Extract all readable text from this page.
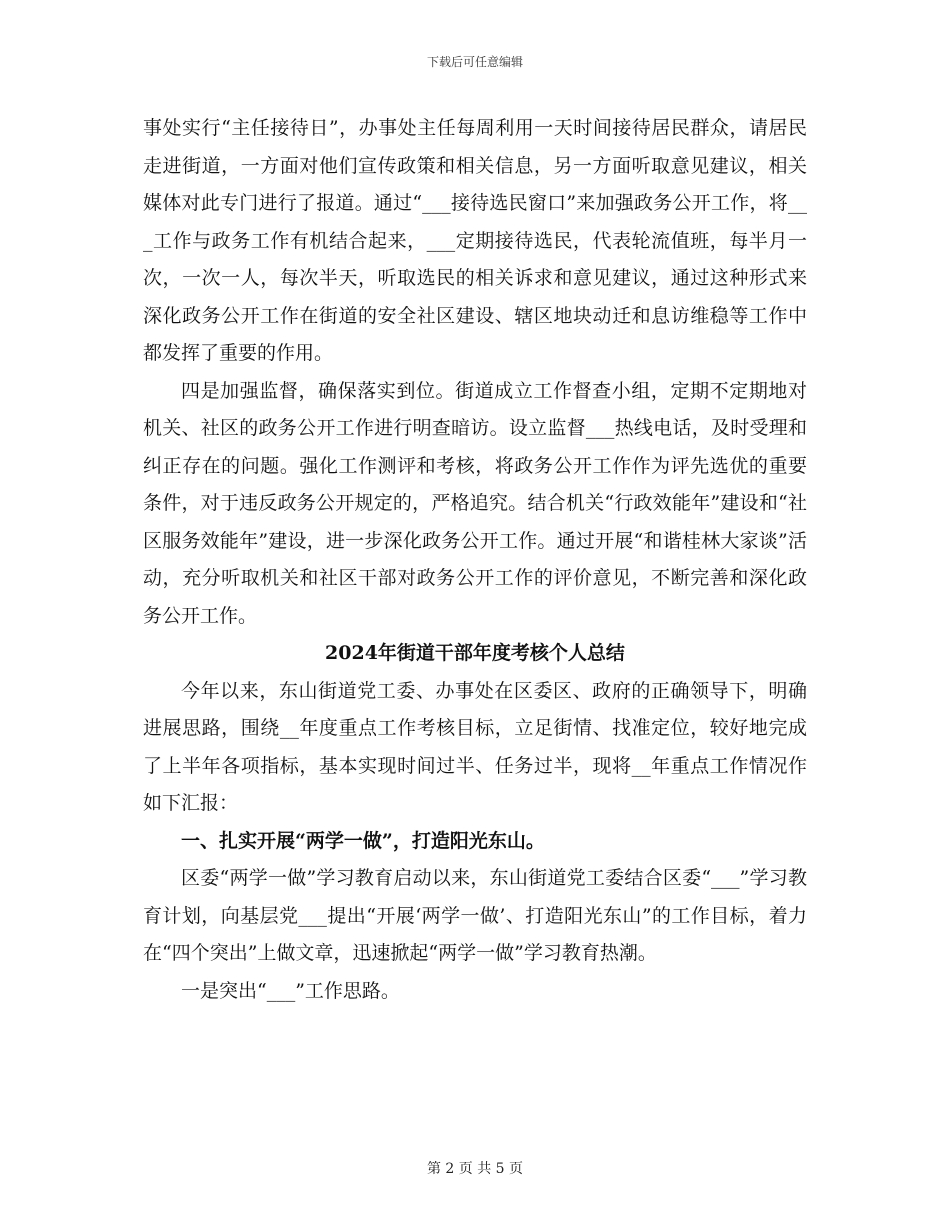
下载后可任意编辑

事处实行“主任接待日”，办事处主任每周利用一天时间接待居民群众，请居民走进街道，一方面对他们宣传政策和相关信息，另一方面听取意见建议，相关媒体对此专门进行了报道。通过“___接待选民窗口”来加强政务公开工作，将___工作与政务工作有机结合起来，___定期接待选民，代表轮流值班，每半月一次，一次一人，每次半天，听取选民的相关诉求和意见建议，通过这种形式来深化政务公开工作在街道的安全社区建设、辖区地块动迁和息访维稳等工作中都发挥了重要的作用。

四是加强监督，确保落实到位。街道成立工作督查小组，定期不定期地对机关、社区的政务公开工作进行明查暗访。设立监督___热线电话，及时受理和纠正存在的问题。强化工作测评和考核，将政务公开工作作为评先选优的重要条件，对于违反政务公开规定的，严格追究。结合机关“行政效能年”建设和“社区服务效能年”建设，进一步深化政务公开工作。通过开展“和谐桂林大家谈”活动，充分听取机关和社区干部对政务公开工作的评价意见，不断完善和深化政务公开工作。

2024年街道干部年度考核个人总结

今年以来，东山街道党工委、办事处在区委区、政府的正确领导下，明确进展思路，围绕__年度重点工作考核目标，立足街情、找准定位，较好地完成了上半年各项指标，基本实现时间过半、任务过半，现将__年重点工作情况作如下汇报：

一、扎实开展“两学一做”，打造阳光东山。

区委“两学一做”学习教育启动以来，东山街道党工委结合区委“___”学习教育计划，向基层党___提出“开展‘两学一做’、打造阳光东山”的工作目标，着力在“四个突出”上做文章，迅速掀起“两学一做”学习教育热潮。

一是突出“___”工作思路。

第 2 页 共 5 页
